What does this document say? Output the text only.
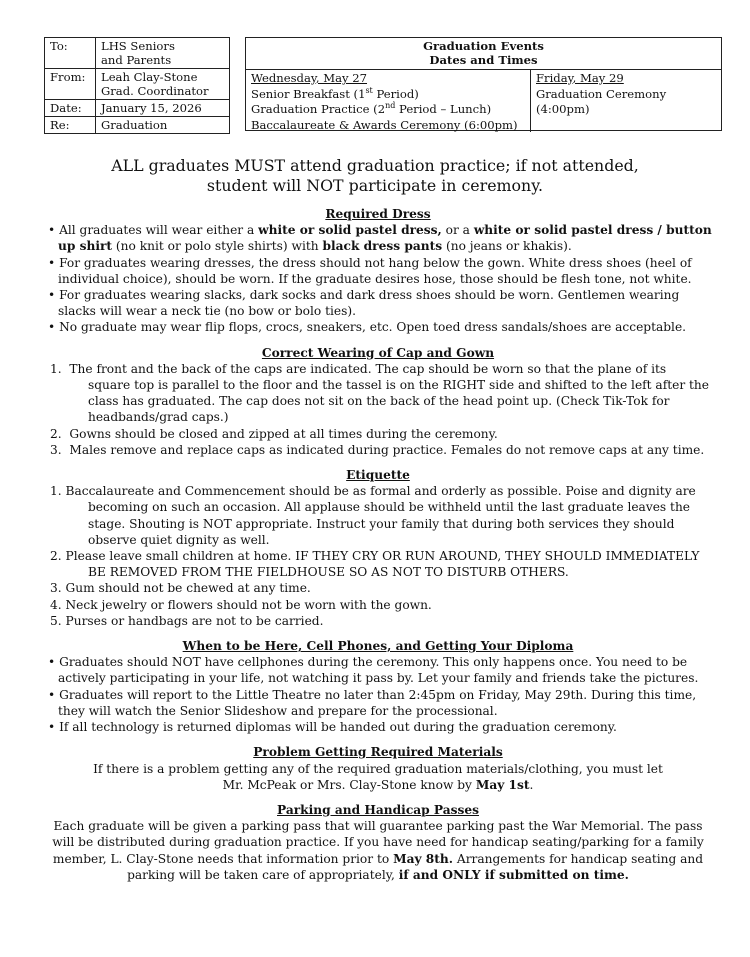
To:	LHS Seniors
and Parents

From:	Leah Clay-Stone
Grad. Coordinator

Date:	January 15, 2026
Re:	Graduation
Graduation Events
Dates and Times
Wednesday, May 27
Senior Breakfast (1st Period)
Graduation Practice (2nd Period – Lunch)
Baccalaureate & Awards Ceremony (6:00pm)
Friday, May 29
Graduation Ceremony (4:00pm)
ALL graduates MUST attend graduation practice; if not attended,
student will NOT participate in ceremony.
Required Dress

• All graduates will wear either a white or solid pastel dress, or a white or solid pastel dress / button up shirt (no knit or polo style shirts) with black dress pants (no jeans or khakis).

• For graduates wearing dresses, the dress should not hang below the gown. White dress shoes (heel of individual choice), should be worn. If the graduate desires hose, those should be flesh tone, not white.

• For graduates wearing slacks, dark socks and dark dress shoes should be worn. Gentlemen wearing slacks will wear a neck tie (no bow or bolo ties).

• No graduate may wear flip flops, crocs, sneakers, etc. Open toed dress sandals/shoes are acceptable.

Correct Wearing of Cap and Gown

1. The front and the back of the caps are indicated. The cap should be worn so that the plane of its square top is parallel to the floor and the tassel is on the RIGHT side and shifted to the left after the class has graduated. The cap does not sit on the back of the head point up. (Check Tik-Tok for headbands/grad caps.)

2. Gowns should be closed and zipped at all times during the ceremony.

3. Males remove and replace caps as indicated during practice. Females do not remove caps at any time.

Etiquette

1. Baccalaureate and Commencement should be as formal and orderly as possible. Poise and dignity are becoming on such an occasion. All applause should be withheld until the last graduate leaves the stage. Shouting is NOT appropriate. Instruct your family that during both services they should observe quiet dignity as well.

2. Please leave small children at home. IF THEY CRY OR RUN AROUND, THEY SHOULD IMMEDIATELY BE REMOVED FROM THE FIELDHOUSE SO AS NOT TO DISTURB OTHERS.

3. Gum should not be chewed at any time.

4. Neck jewelry or flowers should not be worn with the gown.

5. Purses or handbags are not to be carried.

When to be Here, Cell Phones, and Getting Your Diploma

• Graduates should NOT have cellphones during the ceremony. This only happens once. You need to be actively participating in your life, not watching it pass by. Let your family and friends take the pictures.

• Graduates will report to the Little Theatre no later than 2:45pm on Friday, May 29th. During this time, they will watch the Senior Slideshow and prepare for the processional.

• If all technology is returned diplomas will be handed out during the graduation ceremony.

Problem Getting Required Materials

If there is a problem getting any of the required graduation materials/clothing, you must let
Mr. McPeak or Mrs. Clay-Stone know by May 1st.

Parking and Handicap Passes

Each graduate will be given a parking pass that will guarantee parking past the War Memorial. The pass will be distributed during graduation practice. If you have need for handicap seating/parking for a family member, L. Clay-Stone needs that information prior to May 8th. Arrangements for handicap seating and parking will be taken care of appropriately, if and ONLY if submitted on time.
